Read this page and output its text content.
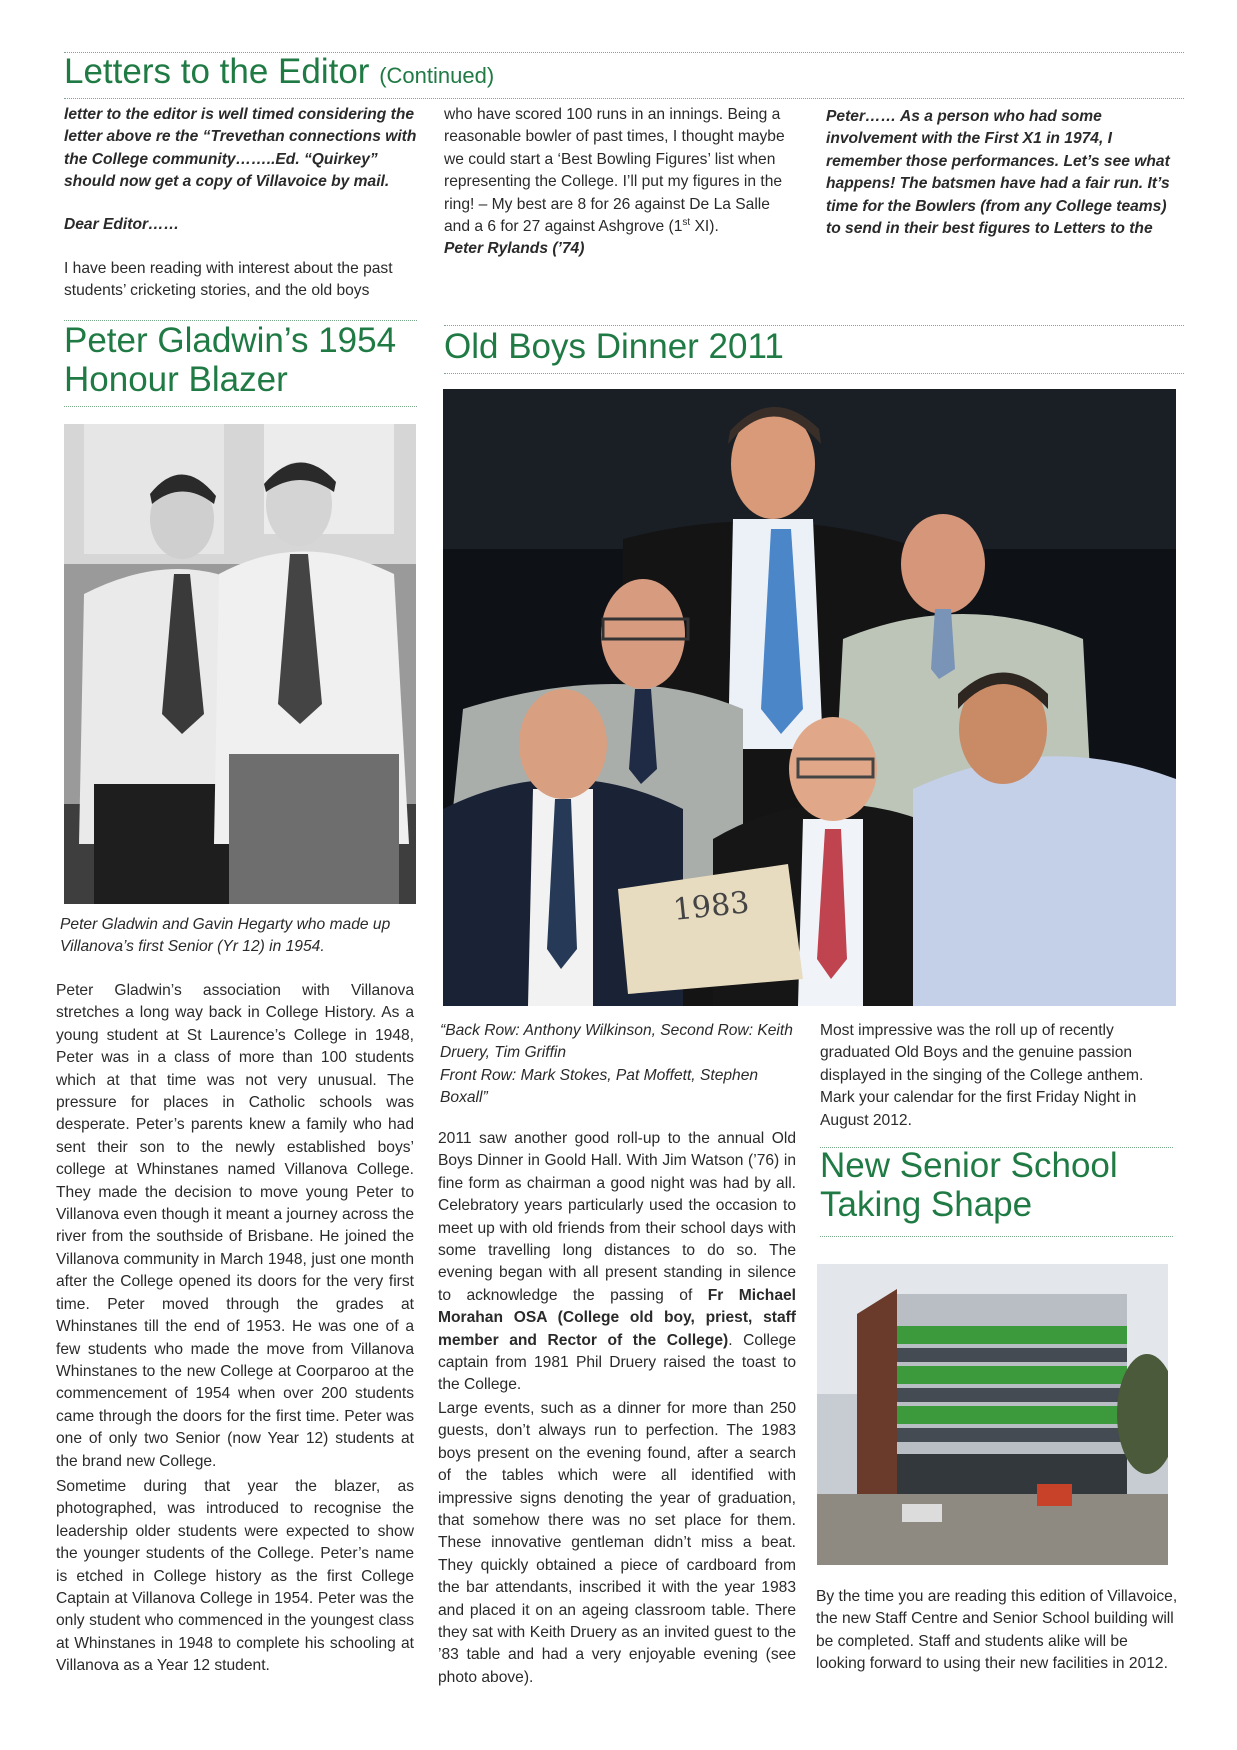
Letters to the Editor (Continued)

letter to the editor is well timed considering the letter above re the “Trevethan connections with the College community……..Ed. “Quirkey” should now get a copy of Villavoice by mail.

Dear Editor……

I have been reading with interest about the past students’ cricketing stories, and the old boys

who have scored 100 runs in an innings. Being a reasonable bowler of past times, I thought maybe we could start a ‘Best Bowling Figures’ list when representing the College. I’ll put my figures in the ring! – My best are 8 for 26 against De La Salle and a 6 for 27 against Ashgrove (1st XI).

Peter Rylands (’74)

Peter…… As a person who had some involvement with the First X1 in 1974, I remember those performances. Let’s see what happens! The batsmen have had a fair run. It’s time for the Bowlers (from any College teams) to send in their best figures to Letters to the

Peter Gladwin’s 1954
Honour Blazer

Peter Gladwin and Gavin Hegarty who made up Villanova’s first Senior (Yr 12) in 1954.

Peter Gladwin’s association with Villanova stretches a long way back in College History. As a young student at St Laurence’s College in 1948, Peter was in a class of more than 100 students which at that time was not very unusual. The pressure for places in Catholic schools was desperate. Peter’s parents knew a family who had sent their son to the newly established boys’ college at Whinstanes named Villanova College. They made the decision to move young Peter to Villanova even though it meant a journey across the river from the southside of Brisbane. He joined the Villanova community in March 1948, just one month after the College opened its doors for the very first time. Peter moved through the grades at Whinstanes till the end of 1953. He was one of a few students who made the move from Villanova Whinstanes to the new College at Coorparoo at the commencement of 1954 when over 200 students came through the doors for the first time. Peter was one of only two Senior (now Year 12) students at the brand new College.

Sometime during that year the blazer, as photographed, was introduced to recognise the leadership older students were expected to show the younger students of the College. Peter’s name is etched in College history as the first College Captain at Villanova College in 1954. Peter was the only student who commenced in the youngest class at Whinstanes in 1948 to complete his schooling at Villanova as a Year 12 student.

Old Boys Dinner 2011
1983

“Back Row: Anthony Wilkinson, Second Row: Keith Druery, Tim Griffin
Front Row: Mark Stokes, Pat Moffett, Stephen Boxall”

2011 saw another good roll-up to the annual Old Boys Dinner in Goold Hall. With Jim Watson (’76) in fine form as chairman a good night was had by all. Celebratory years particularly used the occasion to meet up with old friends from their school days with some travelling long distances to do so. The evening began with all present standing in silence to acknowledge the passing of Fr Michael Morahan OSA (College old boy, priest, staff member and Rector of the College). College captain from 1981 Phil Druery raised the toast to the College.

Large events, such as a dinner for more than 250 guests, don’t always run to perfection. The 1983 boys present on the evening found, after a search of the tables which were all identified with impressive signs denoting the year of graduation, that somehow there was no set place for them. These innovative gentleman didn’t miss a beat. They quickly obtained a piece of cardboard from the bar attendants, inscribed it with the year 1983 and placed it on an ageing classroom table. There they sat with Keith Druery as an invited guest to the ’83 table and had a very enjoyable evening (see photo above).

Most impressive was the roll up of recently graduated Old Boys and the genuine passion displayed in the singing of the College anthem. Mark your calendar for the first Friday Night in August 2012.

New Senior School
Taking Shape

By the time you are reading this edition of Villavoice, the new Staff Centre and Senior School building will be completed. Staff and students alike will be looking forward to using their new facilities in 2012.
